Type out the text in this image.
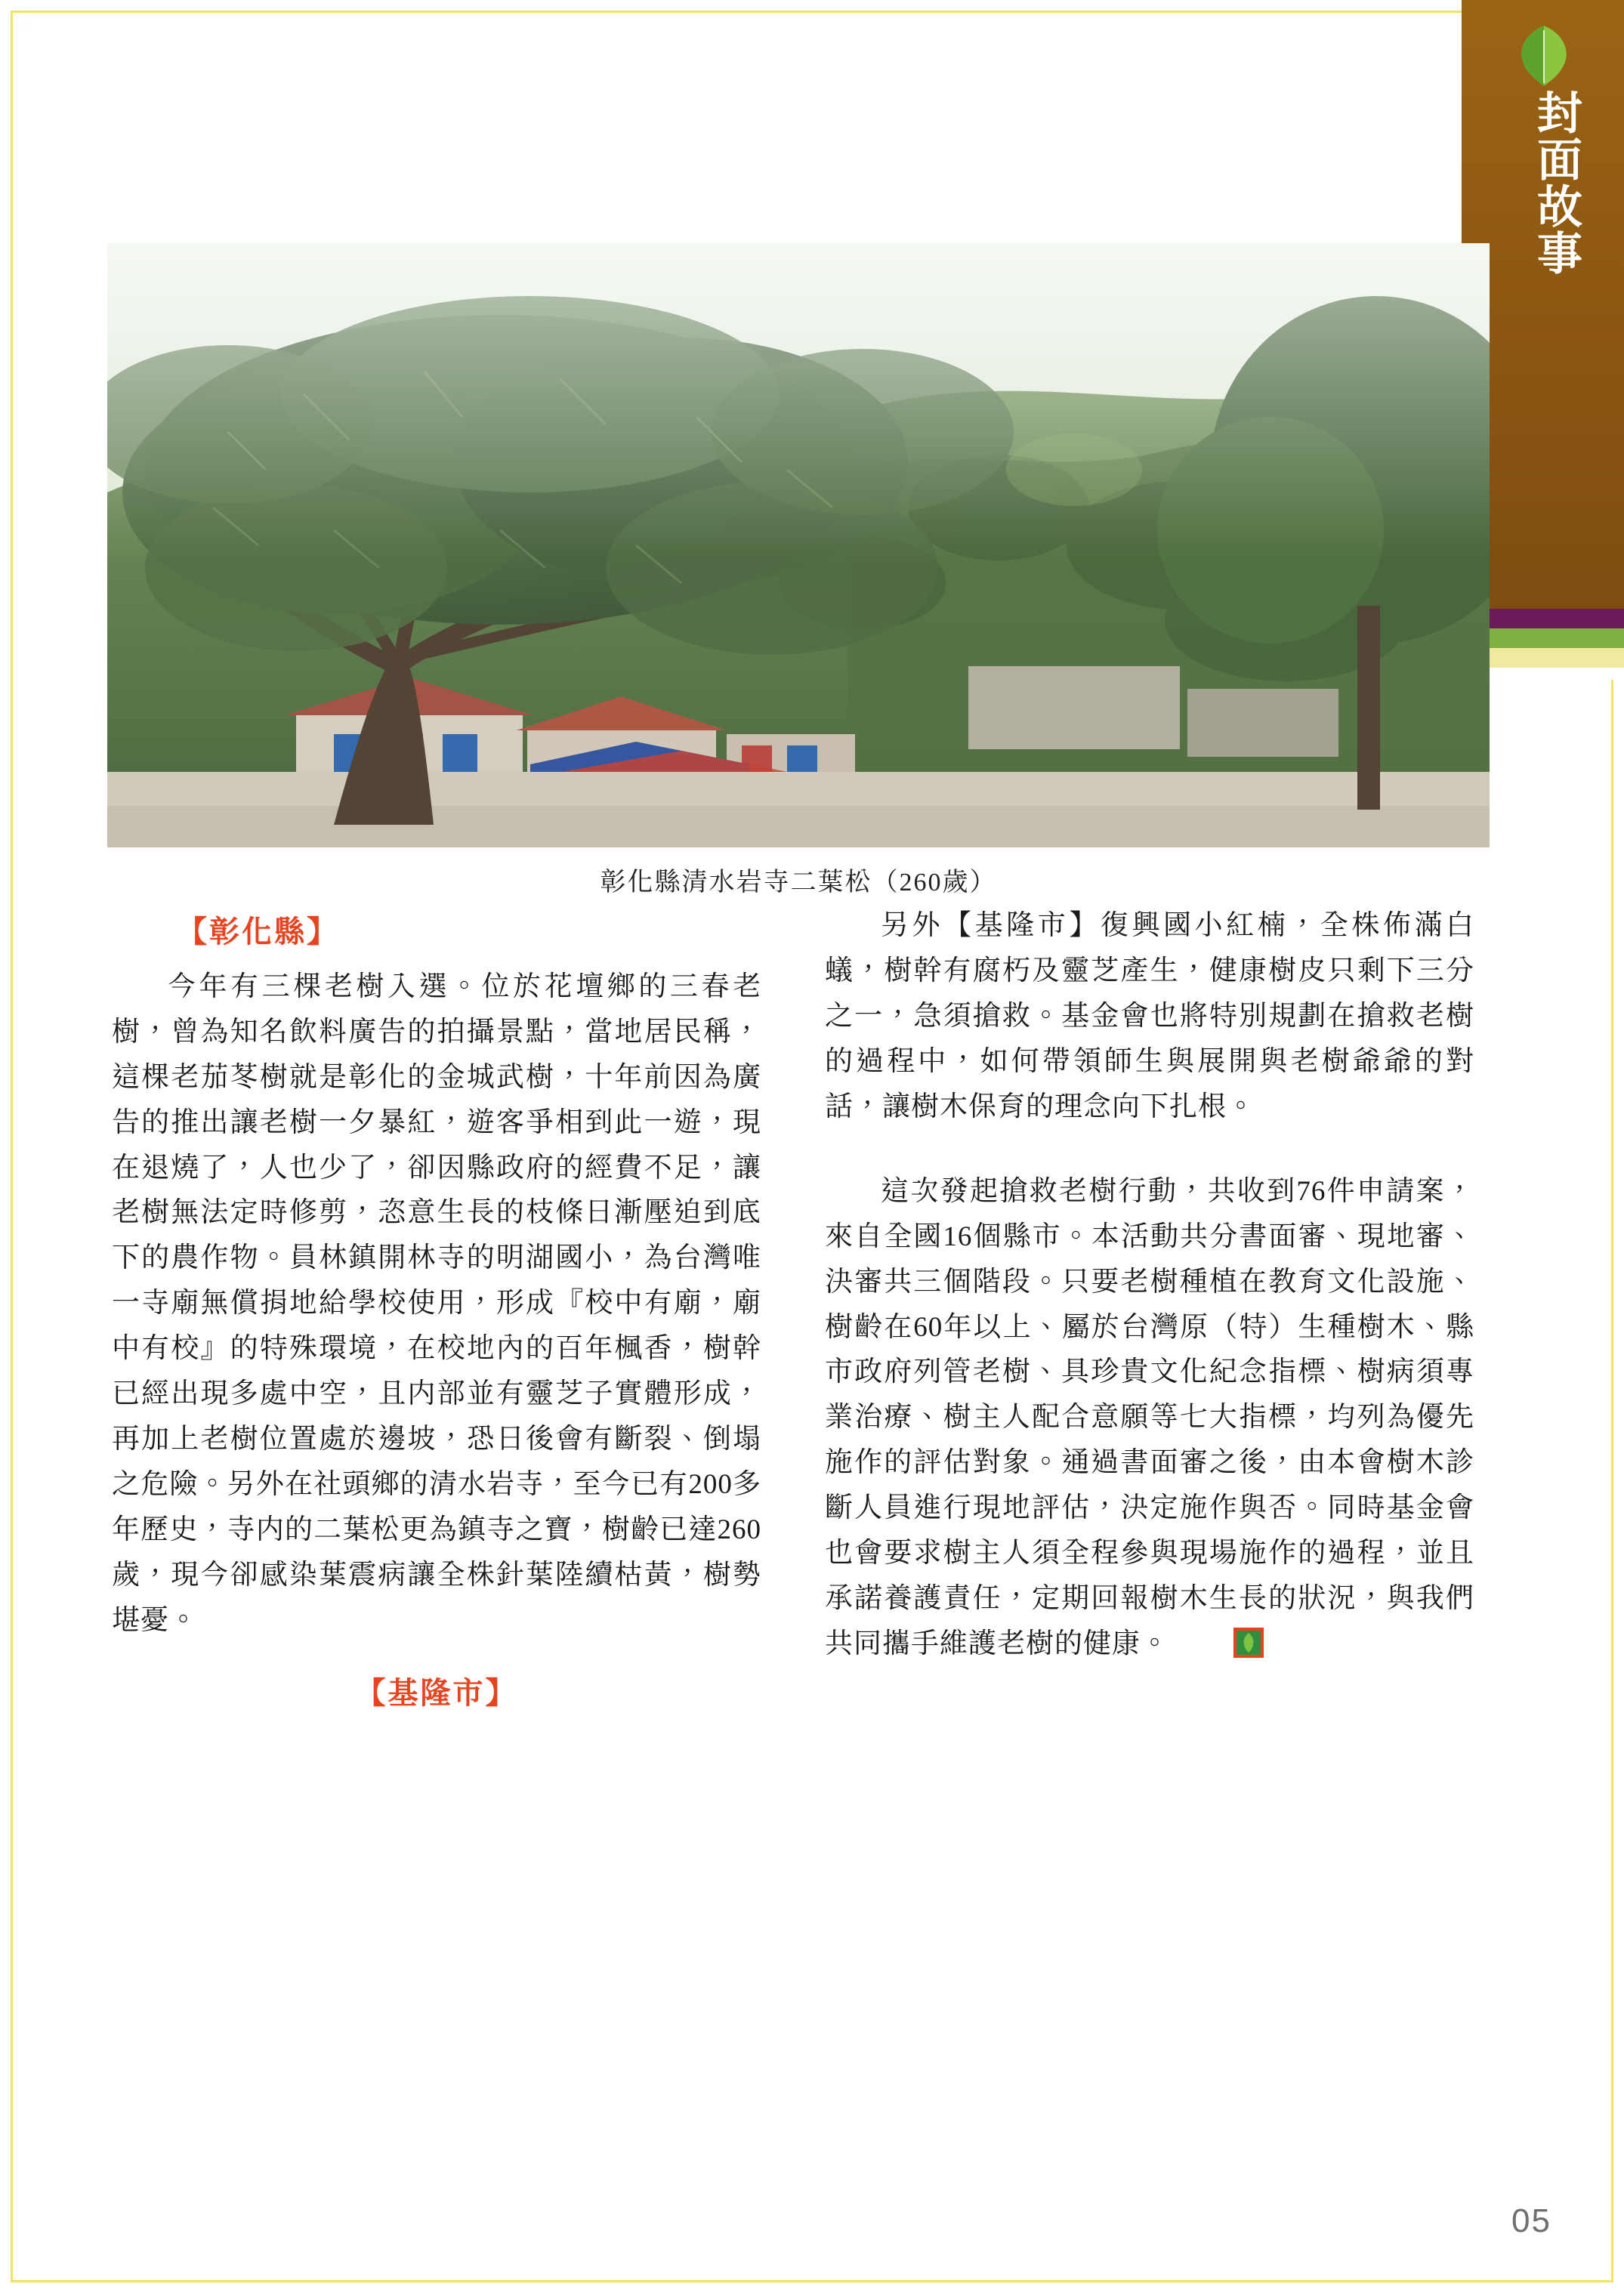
封面故事
彰化縣清水岩寺二葉松（260歲）
【彰化縣】

今年有三棵老樹入選。位於花壇鄉的三春老樹，曾為知名飲料廣告的拍攝景點，當地居民稱，這棵老茄苳樹就是彰化的金城武樹，十年前因為廣告的推出讓老樹一夕暴紅，遊客爭相到此一遊，現在退燒了，人也少了，卻因縣政府的經費不足，讓老樹無法定時修剪，恣意生長的枝條日漸壓迫到底下的農作物。員林鎮開林寺的明湖國小，為台灣唯一寺廟無償捐地給學校使用，形成『校中有廟，廟中有校』的特殊環境，在校地內的百年楓香，樹幹已經出現多處中空，且内部並有靈芝子實體形成，再加上老樹位置處於邊坡，恐日後會有斷裂、倒塌之危險。另外在社頭鄉的清水岩寺，至今已有200多年歷史，寺内的二葉松更為鎮寺之寶，樹齡已達260歲，現今卻感染葉震病讓全株針葉陸續枯黃，樹勢堪憂。

【基隆市】

另外【基隆市】復興國小紅楠，全株佈滿白蟻，樹幹有腐朽及靈芝產生，健康樹皮只剩下三分之一，急須搶救。基金會也將特別規劃在搶救老樹的過程中，如何帶領師生與展開與老樹爺爺的對話，讓樹木保育的理念向下扎根。

這次發起搶救老樹行動，共收到76件申請案，來自全國16個縣市。本活動共分書面審、現地審、決審共三個階段。只要老樹種植在教育文化設施、樹齡在60年以上、屬於台灣原（特）生種樹木、縣市政府列管老樹、具珍貴文化紀念指標、樹病須專業治療、樹主人配合意願等七大指標，均列為優先施作的評估對象。通過書面審之後，由本會樹木診斷人員進行現地評估，決定施作與否。同時基金會也會要求樹主人須全程參與現場施作的過程，並且承諾養護責任，定期回報樹木生長的狀況，與我們共同攜手維護老樹的健康。

05
